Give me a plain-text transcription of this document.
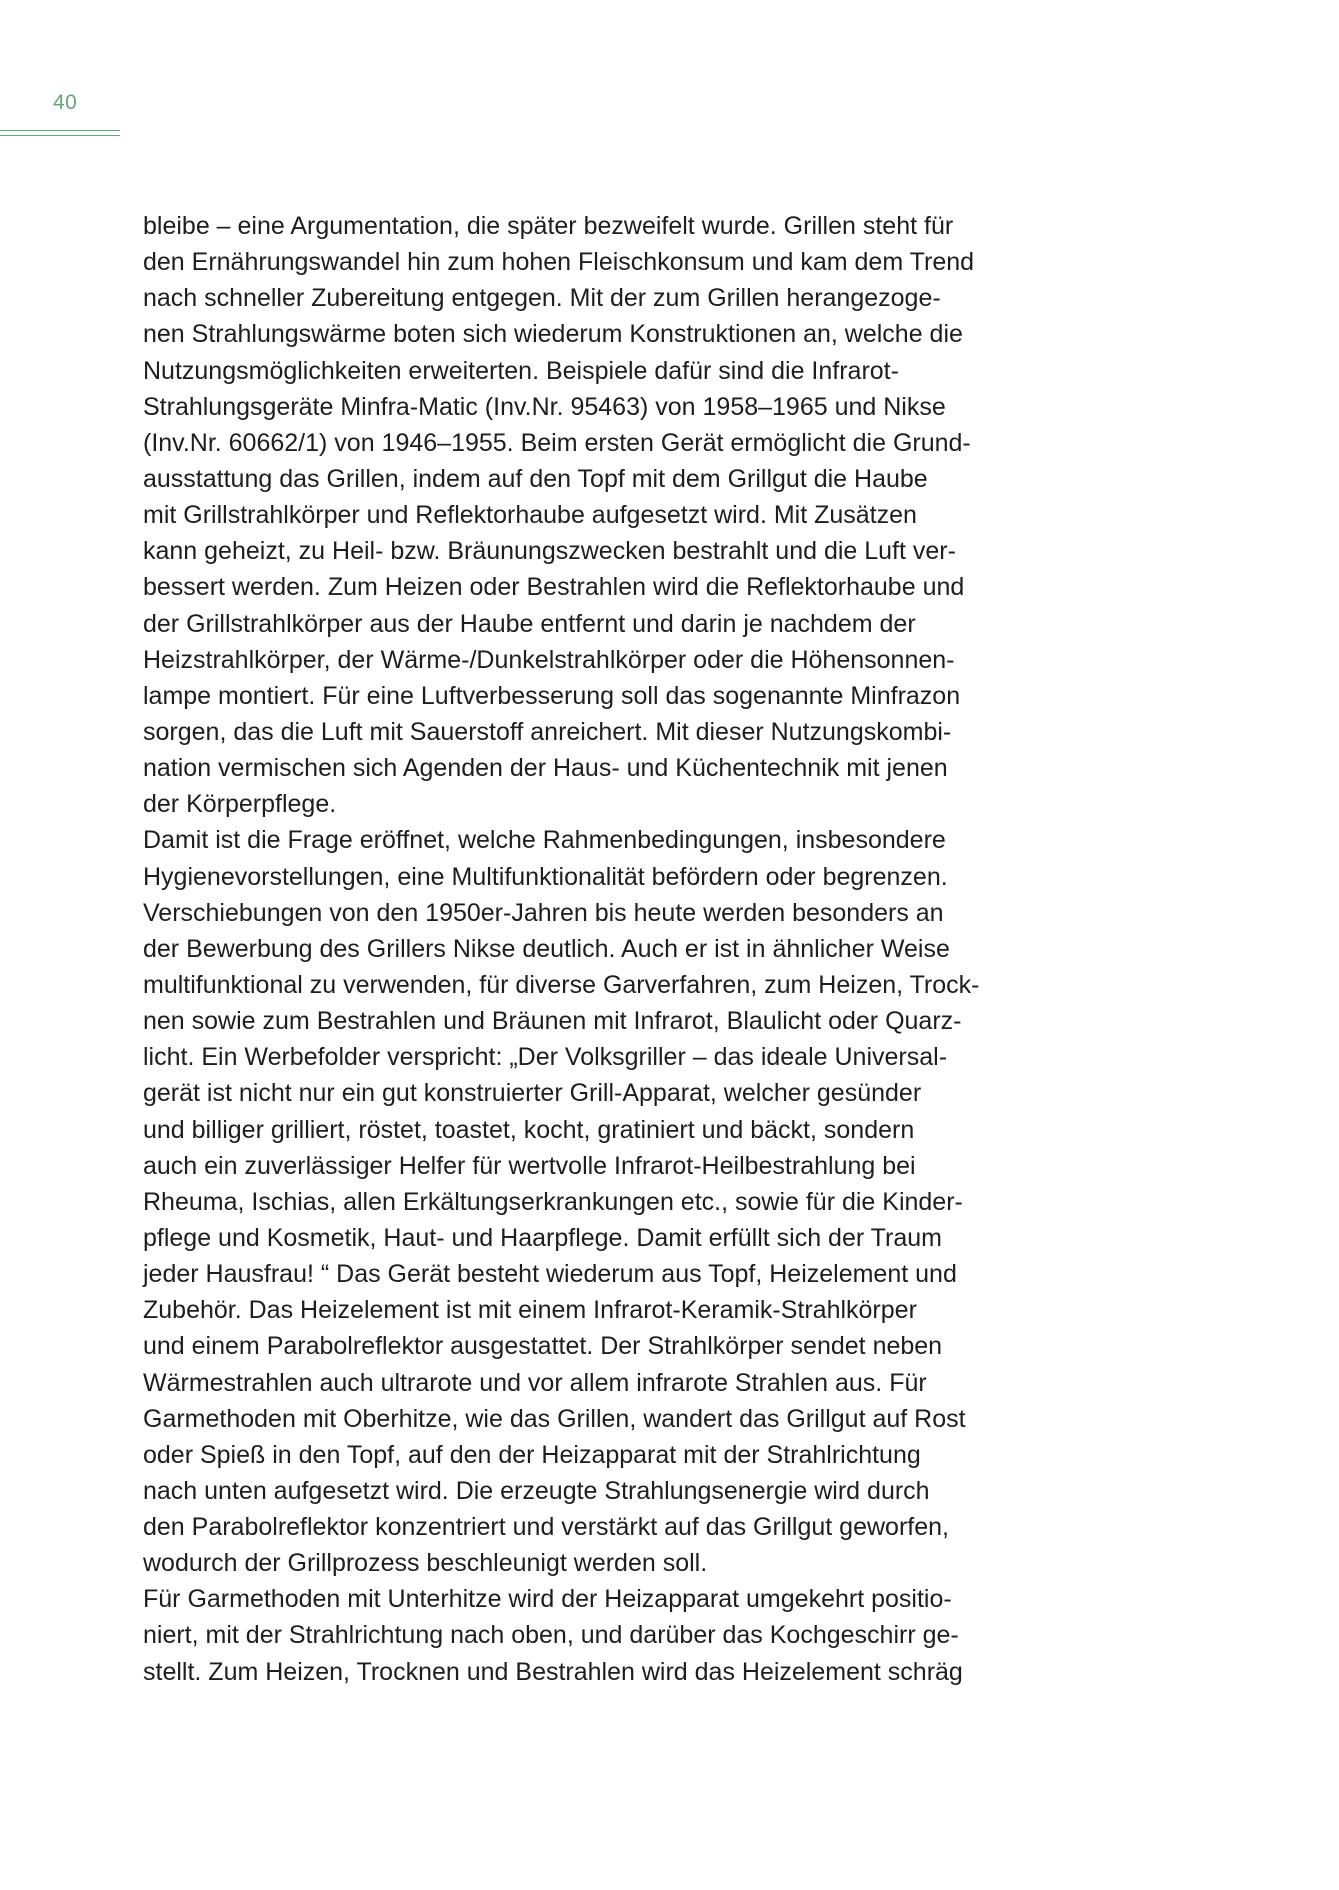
40
bleibe – eine Argumentation, die später bezweifelt wurde. Grillen steht für
den Ernährungswandel hin zum hohen Fleischkonsum und kam dem Trend
nach schneller Zubereitung entgegen. Mit der zum Grillen herangezoge-
nen Strahlungswärme boten sich wiederum Konstruktionen an, welche die
Nutzungsmöglichkeiten erweiterten. Beispiele dafür sind die Infrarot-
Strahlungsgeräte Minfra-Matic (Inv.Nr. 95463) von 1958–1965 und Nikse
(Inv.Nr. 60662/1) von 1946–1955. Beim ersten Gerät ermöglicht die Grund-
ausstattung das Grillen, indem auf den Topf mit dem Grillgut die Haube
mit Grillstrahlkörper und Reflektorhaube aufgesetzt wird. Mit Zusätzen
kann geheizt, zu Heil- bzw. Bräunungszwecken bestrahlt und die Luft ver-
bessert werden. Zum Heizen oder Bestrahlen wird die Reflektorhaube und
der Grillstrahlkörper aus der Haube entfernt und darin je nachdem der
Heizstrahlkörper, der Wärme-/Dunkelstrahlkörper oder die Höhensonnen-
lampe montiert. Für eine Luftverbesserung soll das sogenannte Minfrazon
sorgen, das die Luft mit Sauerstoff anreichert. Mit dieser Nutzungskombi-
nation vermischen sich Agenden der Haus- und Küchentechnik mit jenen
der Körperpflege.
Damit ist die Frage eröffnet, welche Rahmenbedingungen, insbesondere
Hygienevorstellungen, eine Multifunktionalität befördern oder begrenzen.
Verschiebungen von den 1950er-Jahren bis heute werden besonders an
der Bewerbung des Grillers Nikse deutlich. Auch er ist in ähnlicher Weise
multifunktional zu verwenden, für diverse Garverfahren, zum Heizen, Trock-
nen sowie zum Bestrahlen und Bräunen mit Infrarot, Blaulicht oder Quarz-
licht. Ein Werbefolder verspricht: „Der Volksgriller – das ideale Universal-
gerät ist nicht nur ein gut konstruierter Grill-Apparat, welcher gesünder
und billiger grilliert, röstet, toastet, kocht, gratiniert und bäckt, sondern
auch ein zuverlässiger Helfer für wertvolle Infrarot-Heilbestrahlung bei
Rheuma, Ischias, allen Erkältungserkrankungen etc., sowie für die Kinder-
pflege und Kosmetik, Haut- und Haarpflege. Damit erfüllt sich der Traum
jeder Hausfrau! “ Das Gerät besteht wiederum aus Topf, Heizelement und
Zubehör. Das Heizelement ist mit einem Infrarot-Keramik-Strahlkörper
und einem Parabolreflektor ausgestattet. Der Strahlkörper sendet neben
Wärmestrahlen auch ultrarote und vor allem infrarote Strahlen aus. Für
Garmethoden mit Oberhitze, wie das Grillen, wandert das Grillgut auf Rost
oder Spieß in den Topf, auf den der Heizapparat mit der Strahlrichtung
nach unten aufgesetzt wird. Die erzeugte Strahlungsenergie wird durch
den Parabolreflektor konzentriert und verstärkt auf das Grillgut geworfen,
wodurch der Grillprozess beschleunigt werden soll.
Für Garmethoden mit Unterhitze wird der Heizapparat umgekehrt positio-
niert, mit der Strahlrichtung nach oben, und darüber das Kochgeschirr ge-
stellt. Zum Heizen, Trocknen und Bestrahlen wird das Heizelement schräg
